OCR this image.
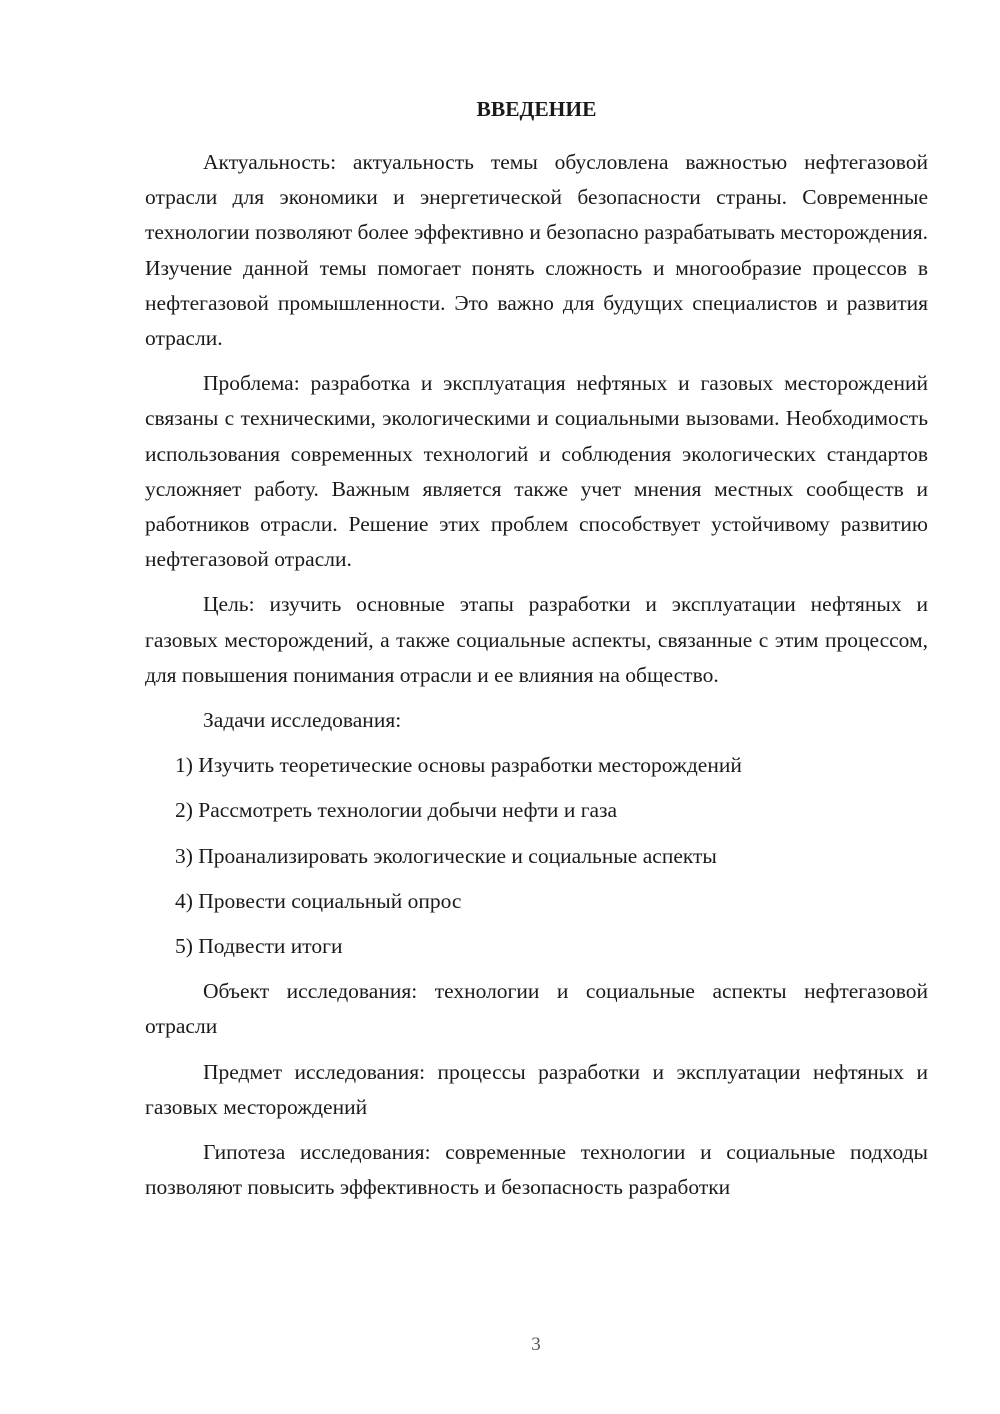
ВВЕДЕНИЕ

Актуальность: актуальность темы обусловлена важностью нефтегазовой отрасли для экономики и энергетической безопасности страны. Современные технологии позволяют более эффективно и безопасно разрабатывать месторождения. Изучение данной темы помогает понять сложность и многообразие процессов в нефтегазовой промышленности. Это важно для будущих специалистов и развития отрасли.

Проблема: разработка и эксплуатация нефтяных и газовых месторождений связаны с техническими, экологическими и социальными вызовами. Необходимость использования современных технологий и соблюдения экологических стандартов усложняет работу. Важным является также учет мнения местных сообществ и работников отрасли. Решение этих проблем способствует устойчивому развитию нефтегазовой отрасли.

Цель: изучить основные этапы разработки и эксплуатации нефтяных и газовых месторождений, а также социальные аспекты, связанные с этим процессом, для повышения понимания отрасли и ее влияния на общество.

Задачи исследования:

1) Изучить теоретические основы разработки месторождений
2) Рассмотреть технологии добычи нефти и газа
3) Проанализировать экологические и социальные аспекты
4) Провести социальный опрос
5) Подвести итоги

Объект исследования: технологии и социальные аспекты нефтегазовой отрасли

Предмет исследования: процессы разработки и эксплуатации нефтяных и газовых месторождений

Гипотеза исследования: современные технологии и социальные подходы позволяют повысить эффективность и безопасность разработки

3
